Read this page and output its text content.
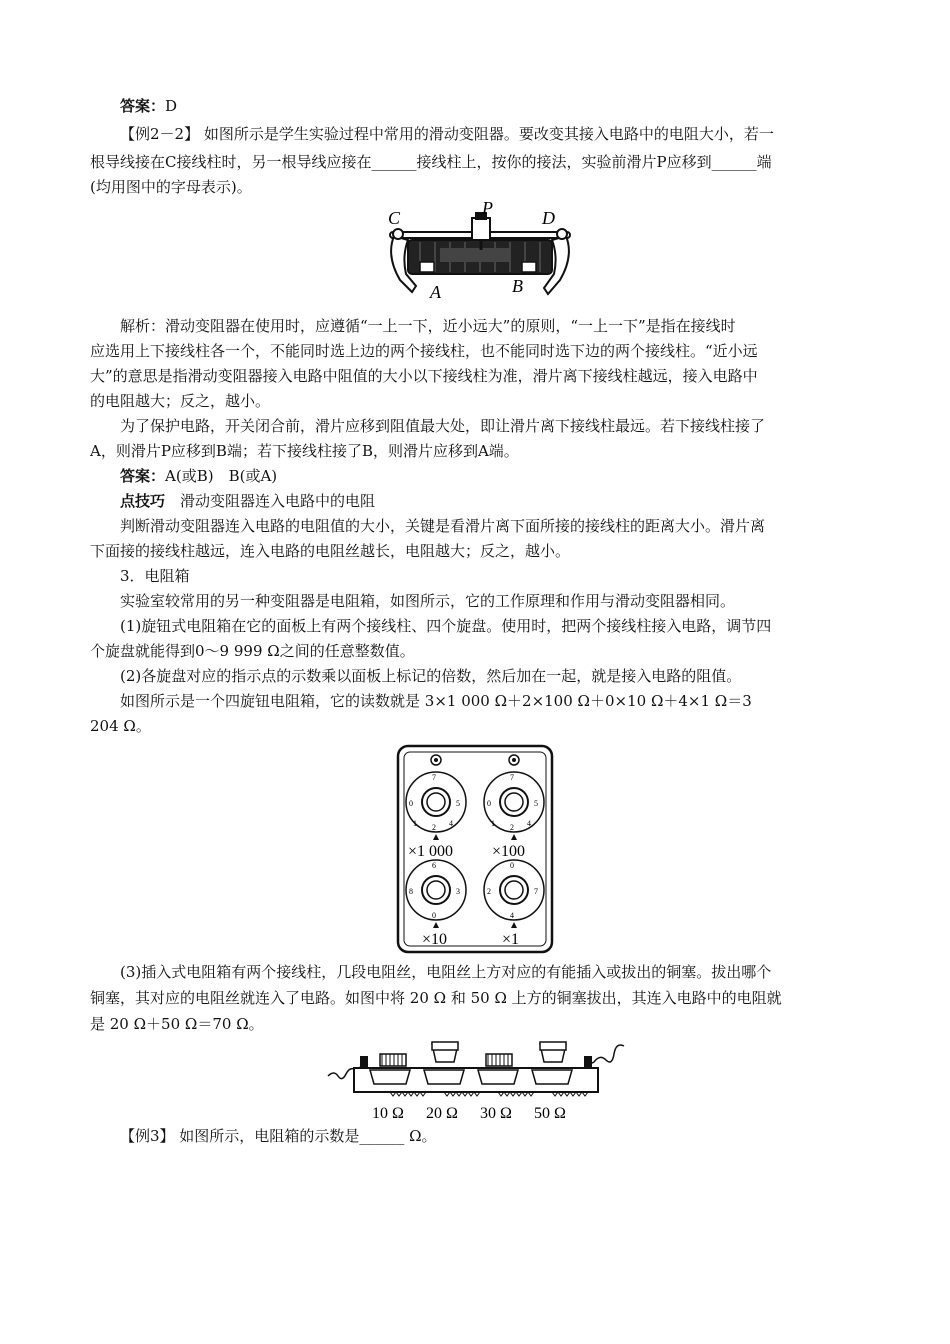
答案：D
【例2－2】 如图所示是学生实验过程中常用的滑动变阻器。要改变其接入电路中的电阻大小，若一
根导线接在C接线柱时，另一根导线应接在______接线柱上，按你的接法，实验前滑片P应移到______端
(均用图中的字母表示)。
C	P	D
A	B
解析：滑动变阻器在使用时，应遵循“一上一下，近小远大”的原则，“一上一下”是指在接线时
应选用上下接线柱各一个，不能同时选上边的两个接线柱，也不能同时选下边的两个接线柱。“近小远
大”的意思是指滑动变阻器接入电路中阻值的大小以下接线柱为准，滑片离下接线柱越远，接入电路中
的电阻越大；反之，越小。
为了保护电路，开关闭合前，滑片应移到阻值最大处，即让滑片离下接线柱最远。若下接线柱接了
A，则滑片P应移到B端；若下接线柱接了B，则滑片应移到A端。
答案：A(或B)　B(或A)
点技巧　 滑动变阻器连入电路中的电阻
判断滑动变阻器连入电路的电阻值的大小，关键是看滑片离下面所接的接线柱的距离大小。滑片离
下面接的接线柱越远，连入电路的电阻丝越长，电阻越大；反之，越小。
3．电阻箱
实验室较常用的另一种变阻器是电阻箱，如图所示，它的工作原理和作用与滑动变阻器相同。
(1)旋钮式电阻箱在它的面板上有两个接线柱、四个旋盘。使用时，把两个接线柱接入电路，调节四
个旋盘就能得到0～9 999 Ω之间的任意整数值。
(2)各旋盘对应的指示点的示数乘以面板上标记的倍数，然后加在一起，就是接入电路的阻值。
如图所示是一个四旋钮电阻箱，它的读数就是 3×1 000 Ω＋2×100 Ω＋0×10 Ω＋4×1 Ω＝3
204 Ω。
2 4
1
7
5
0
2 4
1
7
5
0
×1 000 ×100
6
0
3
8
0
4
7
2
×10	×1
(3)插入式电阻箱有两个接线柱，几段电阻丝，电阻丝上方对应的有能插入或拔出的铜塞。拔出哪个
铜塞，其对应的电阻丝就连入了电路。如图中将 20 Ω 和 50 Ω 上方的铜塞拔出，其连入电路中的电阻就
是 20 Ω＋50 Ω＝70 Ω。
10 Ω 20 Ω 30 Ω 50 Ω
【例3】 如图所示，电阻箱的示数是______ Ω。
